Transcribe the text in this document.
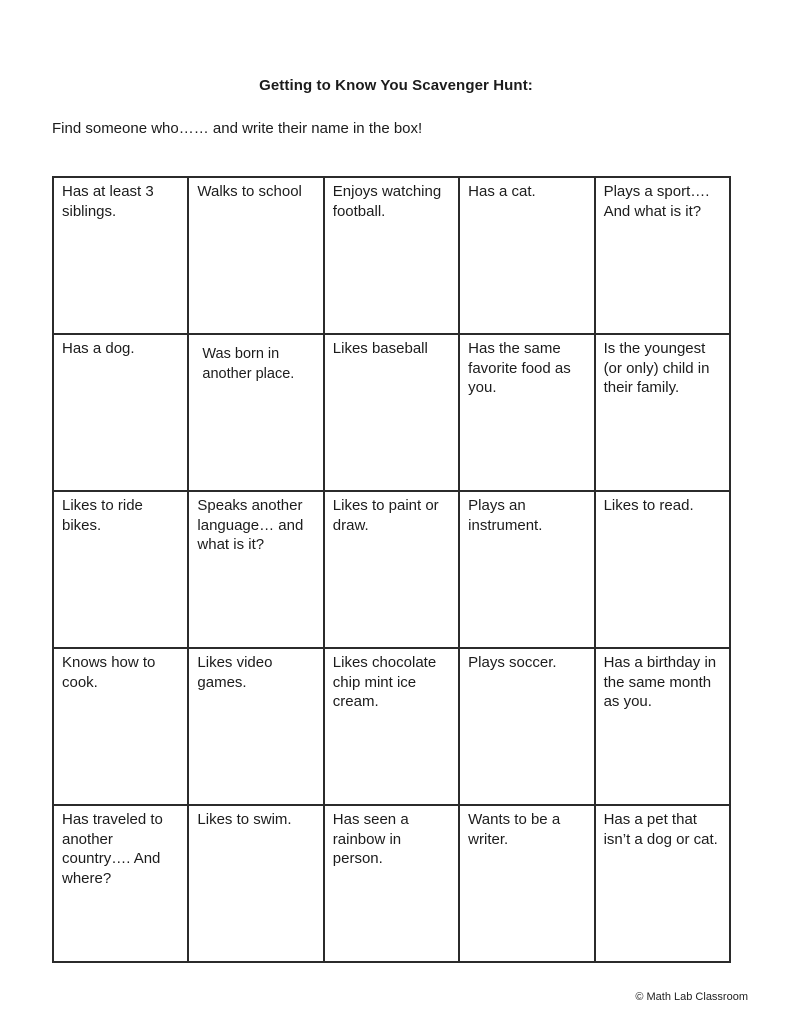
Getting to Know You Scavenger Hunt:
Find someone who…… and write their name in the box!
Has at least 3 siblings.	Walks to school	Enjoys watching football.	Has a cat.	Plays a sport…. And what is it?
Has a dog.	Was born in another place.	Likes baseball	Has the same favorite food as you.	Is the youngest (or only) child in their family.
Likes to ride bikes.	Speaks another language… and what is it?	Likes to paint or draw.	Plays an instrument.	Likes to read.
Knows how to cook.	Likes video games.	Likes chocolate chip mint ice cream.	Plays soccer.	Has a birthday in the same month as you.
Has traveled to another country…. And where?	Likes to swim.	Has seen a rainbow in person.	Wants to be a writer.	Has a pet that isn’t a dog or cat.
© Math Lab Classroom
